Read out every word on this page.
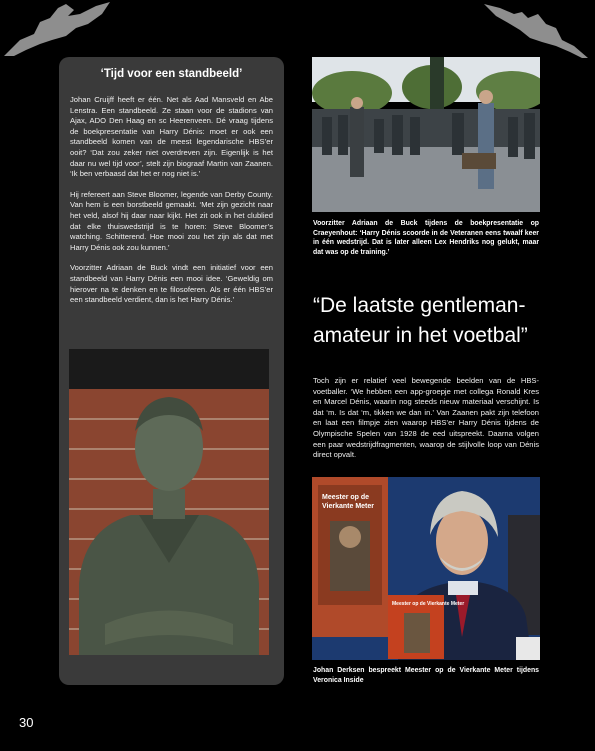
‘Tijd voor een standbeeld’

Johan Cruijff heeft er één. Net als Aad Mansveld en Abe Lenstra. Een standbeeld. Ze staan voor de stadions van Ajax, ADO Den Haag en sc Heerenveen. Dé vraag tijdens de boekpresentatie van Harry Dénis: moet er ook een standbeeld komen van de meest legendarische HBS’er ooit? ‘Dat zou zeker niet overdreven zijn. Eigenlijk is het daar nu wel tijd voor’, stelt zijn biograaf Martin van Zaanen. ‘Ik ben verbaasd dat het er nog niet is.’

Hij refereert aan Steve Bloomer, legende van Derby County. Van hem is een borstbeeld gemaakt. ‘Met zijn gezicht naar het veld, alsof hij daar naar kijkt. Het zit ook in het clublied dat elke thuiswedstrijd is te horen: Steve Bloomer’s watching. Schitterend. Hoe mooi zou het zijn als dat met Harry Dénis ook zou kunnen.’

Voorzitter Adriaan de Buck vindt een initiatief voor een standbeeld van Harry Dénis een mooi idee. ‘Geweldig om hierover na te denken en te filosoferen. Als er één HBS’er een standbeeld verdient, dan is het Harry Dénis.’

Voorzitter Adriaan de Buck tijdens de boekpresentatie op Craeyenhout: ‘Harry Dénis scoorde in de Veteranen eens twaalf keer in één wedstrijd. Dat is later alleen Lex Hendriks nog gelukt, maar dat was op de training.’
“De laatste gentleman-amateur in het voetbal”
Toch zijn er relatief veel bewegende beelden van de HBS-voetballer. ‘We hebben een app-groepje met collega Ronald Kres en Marcel Dénis, waarin nog steeds nieuw materiaal verschijnt. Is dat ‘m. Is dat ‘m, tikken we dan in.’ Van Zaanen pakt zijn telefoon en laat een filmpje zien waarop HBS’er Harry Dénis tijdens de Olympische Spelen van 1928 de eed uitspreekt. Daarna volgen een paar wedstrijdfragmenten, waarop de stijlvolle loop van Dénis direct opvalt.
Meester op de
Vierkante Meter
Meester op de Vierkante Meter
Johan Derksen bespreekt Meester op de Vierkante Meter tijdens Veronica Inside
30
